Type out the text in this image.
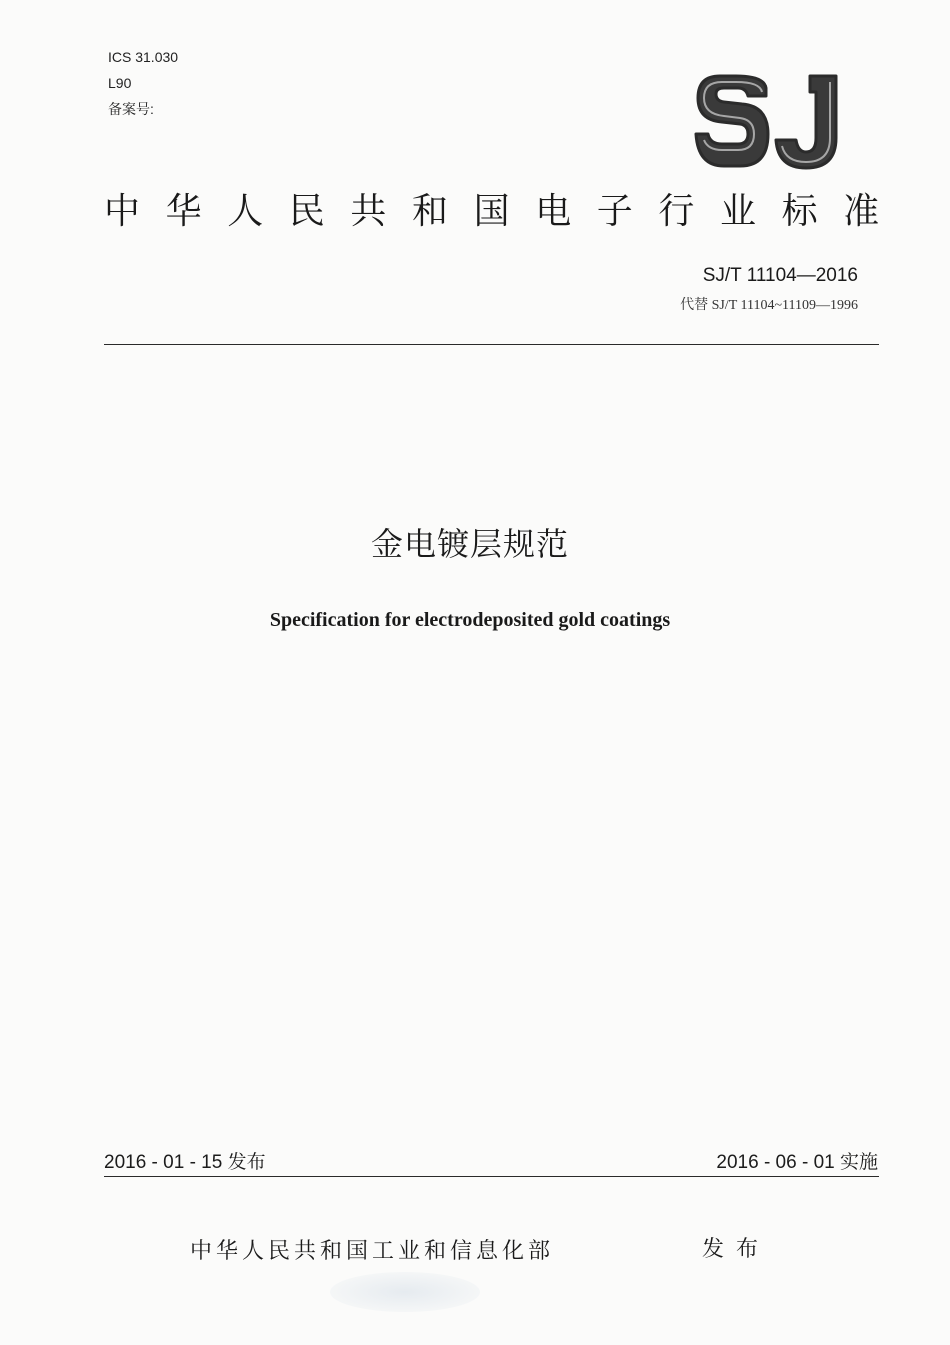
ICS 31.030
L90
备案号:
中华人民共和国电子行业标准
SJ/T 11104—2016
代替 SJ/T 11104~11109—1996
金电镀层规范
Specification for electrodeposited gold coatings
2016 - 01 - 15 发布	2016 - 06 - 01 实施
中华人民共和国工业和信息化部	发布
